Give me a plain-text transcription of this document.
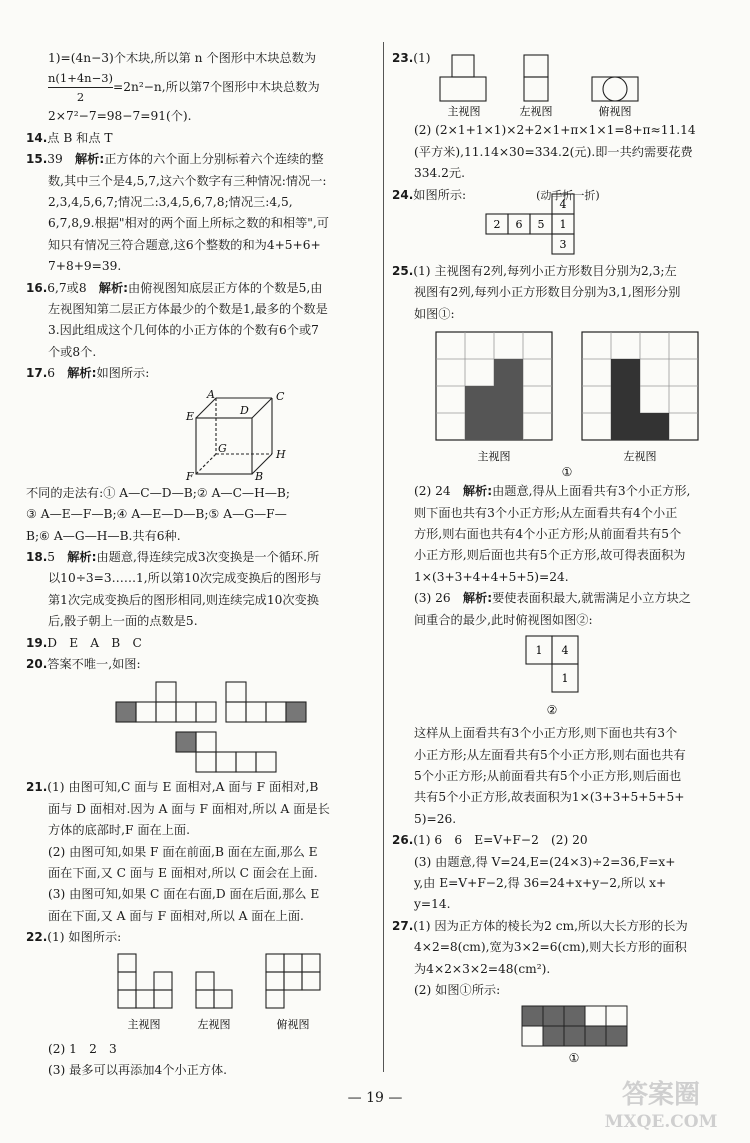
1)=(4n−3)个木块,所以第 n 个图形中木块总数为
$\frac{n(1+4n-3)}{2} =2n^2-n$,所以第7个图形中木块总数为
2×7²−7=98−7=91(个).
14.点 B 和点 T
15.39　 解析:正方体的六个面上分别标着六个连续的整
数,其中三个是4,5,7,这六个数字有三种情况:情况一:
2,3,4,5,6,7;情况二:3,4,5,6,7,8;情况三:4,5,
6,7,8,9.根据"相对的两个面上所标之数的和相等",可
知只有情况三符合题意,这6个整数的和为4+5+6+
7+8+9=39.
16.6,7或8　 解析:由俯视图知底层正方体的个数是5,由
左视图知第二层正方体最少的个数是1,最多的个数是
3.因此组成这个几何体的小正方体的个数有6个或7
个或8个.
17.6　 解析:如图所示:
E
A	C
D
G	H
F	B
不同的走法有:① A—C—D—B;② A—C—H—B;
③ A—E—F—B;④ A—E—D—B;⑤ A—G—F—
B;⑥ A—G—H—B.共有6种.
18.5　 解析:由题意,得连续完成3次变换是一个循环.所
以10÷3=3……1,所以第10次完成变换后的图形与
第1次完成变换后的图形相同,则连续完成10次变换
后,骰子朝上一面的点数是5.
19.D　E　A　B　C
20.答案不唯一,如图:
21.(1) 由图可知,C 面与 E 面相对,A 面与 F 面相对,B
面与 D 面相对.因为 A 面与 F 面相对,所以 A 面是长
方体的底部时,F 面在上面.
(2) 由图可知,如果 F 面在前面,B 面在左面,那么 E
面在下面,又 C 面与 E 面相对,所以 C 面会在上面.
(3) 由图可知,如果 C 面在右面,D 面在后面,那么 E
面在下面,又 A 面与 F 面相对,所以 A 面在上面.
22.(1) 如图所示:
主视图	左视图	俯视图
(2) 1　2　3
(3) 最多可以再添加4个小正方体.
23.(1)
主视图	左视图	俯视图
(2) (2×1+1×1)×2+2×1+π×1×1=8+π≈11.14
(平方米),11.14×30=334.2(元).即一共约需要花费
334.2元.
24.如图所示:	(动手折一折)
4
2 6 5 1
3
25.(1) 主视图有2列,每列小正方形数目分别为2,3;左
视图有2列,每列小正方形数目分别为3,1,图形分别
如图①:
主视图	左视图
①
(2) 24　 解析:由题意,得从上面看共有3个小正方形,
则下面也共有3个小正方形;从左面看共有4个小正
方形,则右面也共有4个小正方形;从前面看共有5个
小正方形,则后面也共有5个正方形,故可得表面积为
1×(3+3+4+4+5+5)=24.
(3) 26　 解析:要使表面积最大,就需满足小立方块之
间重合的最少,此时俯视图如图②:
1 4
1
②
这样从上面看共有3个小正方形,则下面也共有3个
小正方形;从左面看共有5个小正方形,则右面也共有
5个小正方形;从前面看共有5个小正方形,则后面也
共有5个小正方形,故表面积为1×(3+3+5+5+5+
5)=26.
26.(1) 6　6　E=V+F−2　(2) 20
(3) 由题意,得 V=24,E=(24×3)÷2=36,F=x+
y,由 E=V+F−2,得 36=24+x+y−2,所以 x+
y=14.
27.(1) 因为正方体的棱长为2 cm,所以大长方形的长为
4×2=8(cm),宽为3×2=6(cm),则大长方形的面积
为4×2×3×2=48(cm²).
(2) 如图①所示:
①
— 19 —	答案圈
MXQE.COM
